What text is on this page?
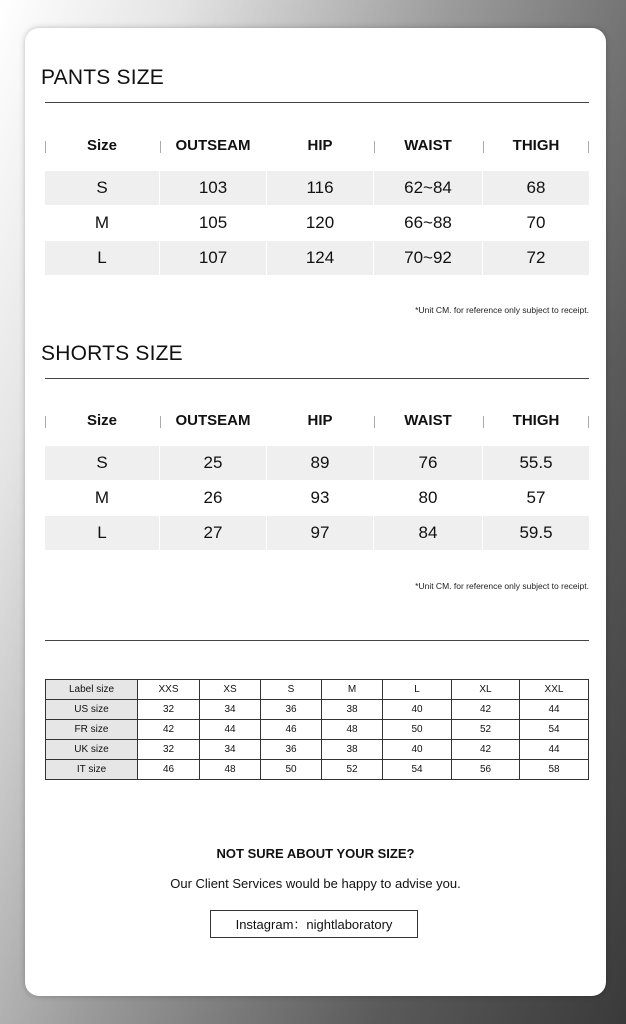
PANTS SIZE
Size	OUTSEAM	HIP	WAIST	THIGH
S	103	116	62~84	68
M	105	120	66~88	70
L	107	124	70~92	72

*Unit CM. for reference only subject to receipt.

SHORTS SIZE
Size	OUTSEAM	HIP	WAIST	THIGH
S	25	89	76	55.5
M	26	93	80	57
L	27	97	84	59.5

*Unit CM. for reference only subject to receipt.

Label size	XXS	XS	S	M	L	XL	XXL
US size	32	34	36	38	40	42	44
FR size	42	44	46	48	50	52	54
UK size	32	34	36	38	40	42	44
IT size	46	48	50	52	54	56	58

NOT SURE ABOUT YOUR SIZE?

Our Client Services would be happy to advise you.

Instagram：nightlaboratory
